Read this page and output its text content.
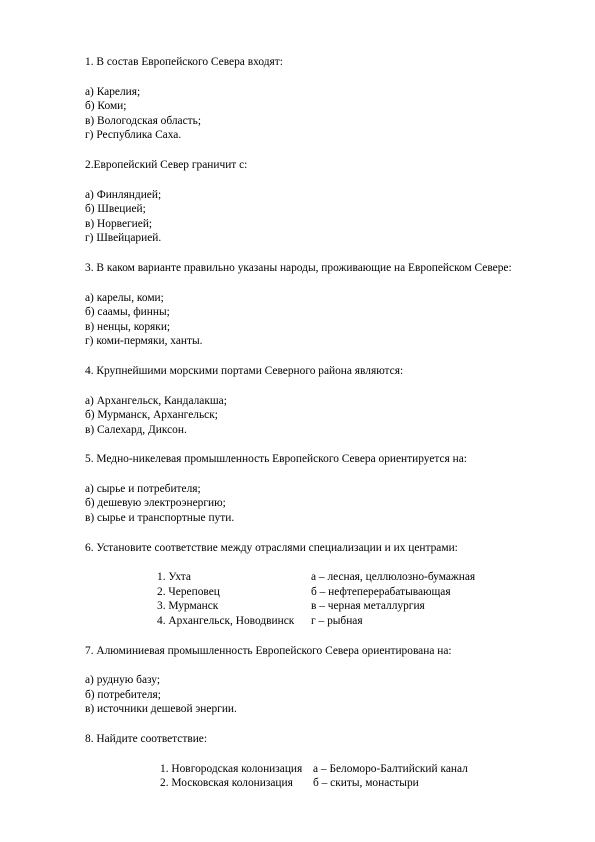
1. В состав Европейского Севера входят:

а) Карелия;
б) Коми;
в) Вологодская область;
г) Республика Саха.

2.Европейский Север граничит с:

а) Финляндией;
б) Швецией;
в) Норвегией;
г) Швейцарией.

3. В каком варианте правильно указаны народы, проживающие на Европейском Севере:

а) карелы, коми;
б) саамы, финны;
в) ненцы, коряки;
г) коми-пермяки, ханты.

4. Крупнейшими морскими портами Северного района являются:

а) Архангельск, Кандалакша;
б) Мурманск, Архангельск;
в) Салехард, Диксон.

5. Медно-никелевая промышленность Европейского Севера ориентируется на:

а) сырье и потребителя;
б) дешевую электроэнергию;
в) сырье и транспортные пути.

6. Установите соответствие между отраслями специализации и их центрами:

1. Ухта	а – лесная, целлюлозно-бумажная
2. Череповец	б – нефтеперерабатывающая
3. Мурманск	в – черная металлургия
4. Архангельск, Новодвинск	г – рыбная

7. Алюминиевая промышленность Европейского Севера ориентирована на:

а) рудную базу;
б) потребителя;
в) источники дешевой энергии.

8. Найдите соответствие:

1. Новгородская колонизация	а – Беломоро-Балтийский канал
2. Московская колонизация	б – скиты, монастыри
